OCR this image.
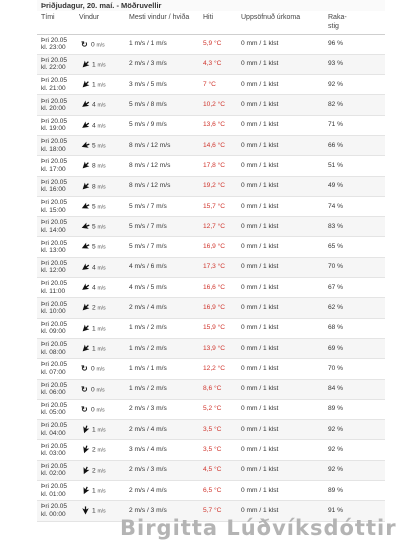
Þriðjudagur, 20. maí. - Möðruvellir
Tími	Vindur	Mesti vindur / hviða	Hiti	Uppsöfnuð úrkoma	Raka-
stig
Þri 20.05
kl. 23:00	↻ 0 m/s	1 m/s / 1 m/s	5,9 °C	0 mm / 1 klst	96 %
Þri 20.05
kl. 22:00	1 m/s	2 m/s / 3 m/s	4,3 °C	0 mm / 1 klst	93 %
Þri 20.05
kl. 21:00	1 m/s	3 m/s / 5 m/s	7 °C	0 mm / 1 klst	92 %
Þri 20.05
kl. 20:00	4 m/s	5 m/s / 8 m/s	10,2 °C	0 mm / 1 klst	82 %
Þri 20.05
kl. 19:00	4 m/s	5 m/s / 9 m/s	13,6 °C	0 mm / 1 klst	71 %
Þri 20.05
kl. 18:00	5 m/s	8 m/s / 12 m/s	14,6 °C	0 mm / 1 klst	66 %
Þri 20.05
kl. 17:00	8 m/s	8 m/s / 12 m/s	17,8 °C	0 mm / 1 klst	51 %
Þri 20.05
kl. 16:00	8 m/s	8 m/s / 12 m/s	19,2 °C	0 mm / 1 klst	49 %
Þri 20.05
kl. 15:00	5 m/s	5 m/s / 7 m/s	15,7 °C	0 mm / 1 klst	74 %
Þri 20.05
kl. 14:00	5 m/s	5 m/s / 7 m/s	12,7 °C	0 mm / 1 klst	83 %
Þri 20.05
kl. 13:00	5 m/s	5 m/s / 7 m/s	16,9 °C	0 mm / 1 klst	65 %
Þri 20.05
kl. 12:00	4 m/s	4 m/s / 6 m/s	17,3 °C	0 mm / 1 klst	70 %
Þri 20.05
kl. 11:00	4 m/s	4 m/s / 5 m/s	16,6 °C	0 mm / 1 klst	67 %
Þri 20.05
kl. 10:00	2 m/s	2 m/s / 4 m/s	16,9 °C	0 mm / 1 klst	62 %
Þri 20.05
kl. 09:00	1 m/s	1 m/s / 2 m/s	15,9 °C	0 mm / 1 klst	68 %
Þri 20.05
kl. 08:00	1 m/s	1 m/s / 2 m/s	13,9 °C	0 mm / 1 klst	69 %
Þri 20.05
kl. 07:00	↻ 0 m/s	1 m/s / 1 m/s	12,2 °C	0 mm / 1 klst	70 %
Þri 20.05
kl. 06:00	↻ 0 m/s	1 m/s / 2 m/s	8,6 °C	0 mm / 1 klst	84 %
Þri 20.05
kl. 05:00	↻ 0 m/s	2 m/s / 3 m/s	5,2 °C	0 mm / 1 klst	89 %
Þri 20.05
kl. 04:00	1 m/s	2 m/s / 4 m/s	3,5 °C	0 mm / 1 klst	92 %
Þri 20.05
kl. 03:00	2 m/s	3 m/s / 4 m/s	3,5 °C	0 mm / 1 klst	92 %
Þri 20.05
kl. 02:00	2 m/s	2 m/s / 3 m/s	4,5 °C	0 mm / 1 klst	92 %
Þri 20.05
kl. 01:00	1 m/s	2 m/s / 4 m/s	6,5 °C	0 mm / 1 klst	89 %
Þri 20.05
kl. 00:00	1 m/s	2 m/s / 3 m/s	5,7 °C	0 mm / 1 klst	91 %
Birgitta Lúðvíksdóttir
